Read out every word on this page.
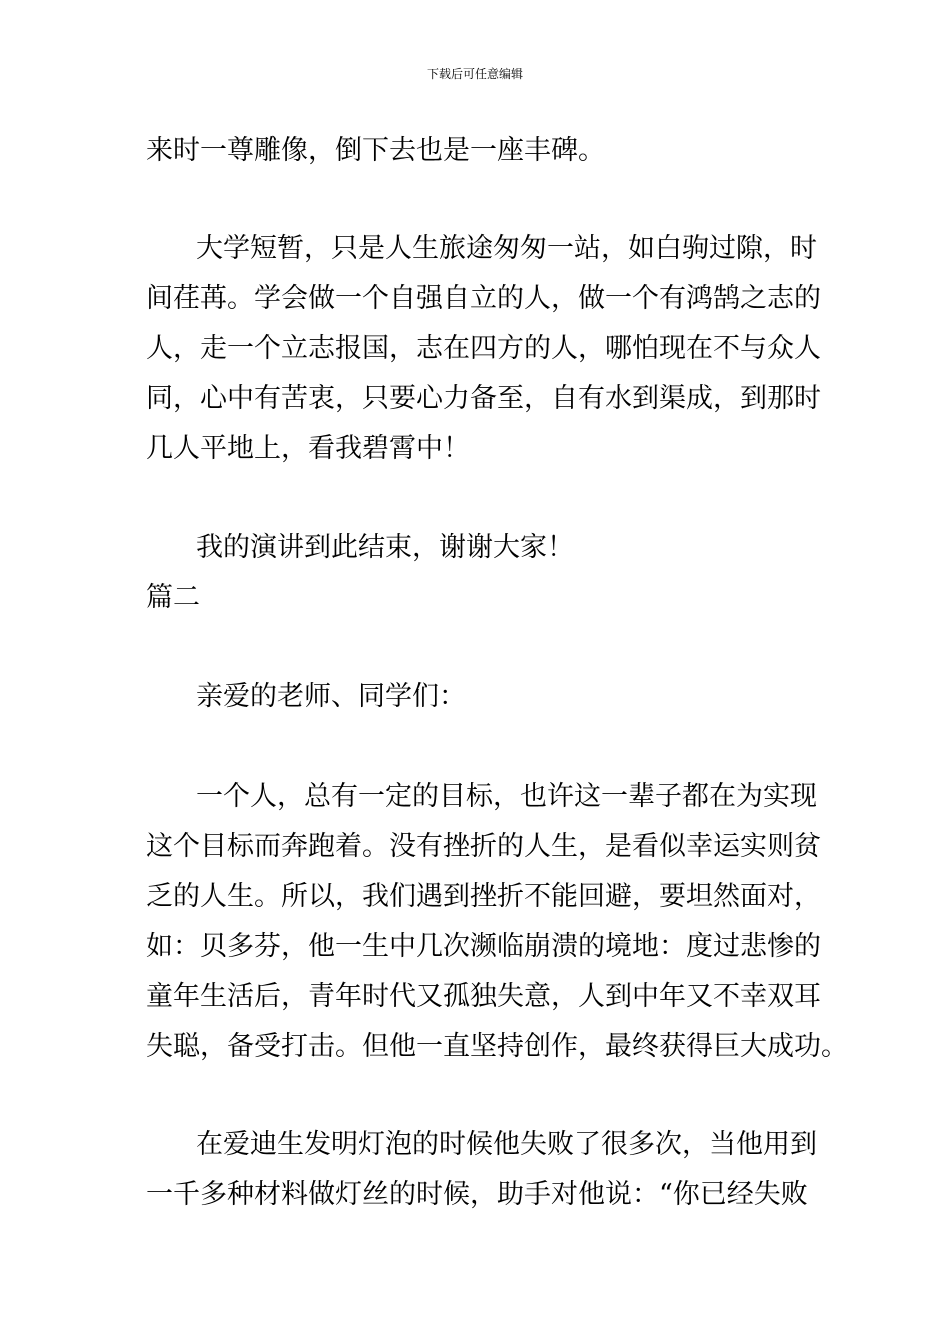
下载后可任意编辑
来时一尊雕像，倒下去也是一座丰碑。
大学短暂，只是人生旅途匆匆一站，如白驹过隙，时
间荏苒。学会做一个自强自立的人，做一个有鸿鹄之志的
人，走一个立志报国，志在四方的人，哪怕现在不与众人
同，心中有苦衷，只要心力备至，自有水到渠成，到那时
几人平地上，看我碧霄中！
我的演讲到此结束，谢谢大家！
篇二
亲爱的老师、同学们：
一个人，总有一定的目标，也许这一辈子都在为实现
这个目标而奔跑着。没有挫折的人生，是看似幸运实则贫
乏的人生。所以，我们遇到挫折不能回避，要坦然面对，
如：贝多芬，他一生中几次濒临崩溃的境地：度过悲惨的
童年生活后，青年时代又孤独失意，人到中年又不幸双耳
失聪，备受打击。但他一直坚持创作，最终获得巨大成功。
在爱迪生发明灯泡的时候他失败了很多次，当他用到
一千多种材料做灯丝的时候，助手对他说：“你已经失败
